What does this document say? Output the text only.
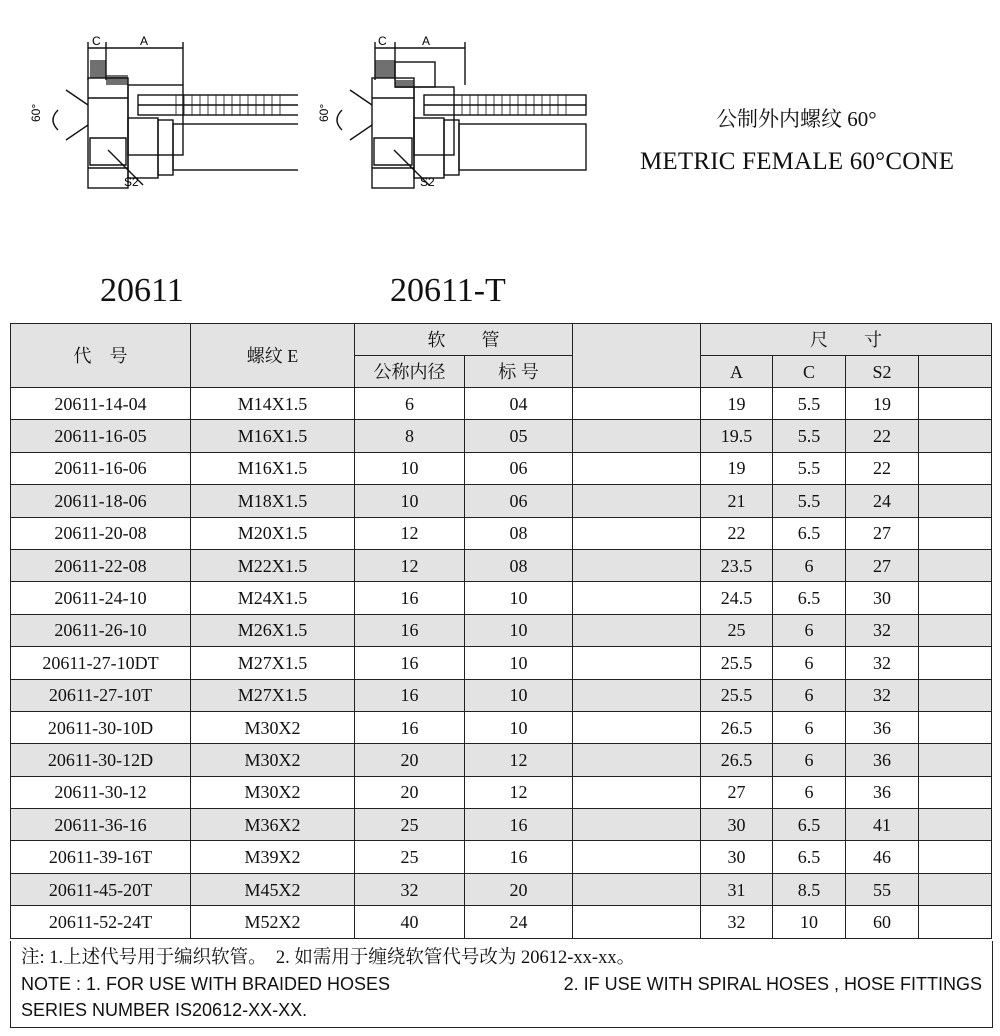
C	A
60°
S2
C	A
60°
S2
公制外内螺纹 60°
METRIC FEMALE 60°CONE
20611	20611-T
代　号	螺纹 E	软　　管			尺　　寸			
		公称内径	标 号		A	C	S2	
20611-14-04	M14X1.5	6	04		19	5.5	19	
20611-16-05	M16X1.5	8	05		19.5	5.5	22	
20611-16-06	M16X1.5	10	06		19	5.5	22	
20611-18-06	M18X1.5	10	06		21	5.5	24	
20611-20-08	M20X1.5	12	08		22	6.5	27	
20611-22-08	M22X1.5	12	08		23.5	6	27	
20611-24-10	M24X1.5	16	10		24.5	6.5	30	
20611-26-10	M26X1.5	16	10		25	6	32	
20611-27-10DT	M27X1.5	16	10		25.5	6	32	
20611-27-10T	M27X1.5	16	10		25.5	6	32	
20611-30-10D	M30X2	16	10		26.5	6	36	
20611-30-12D	M30X2	20	12		26.5	6	36	
20611-30-12	M30X2	20	12		27	6	36	
20611-36-16	M36X2	25	16		30	6.5	41	
20611-39-16T	M39X2	25	16		30	6.5	46	
20611-45-20T	M45X2	32	20		31	8.5	55	
20611-52-24T	M52X2	40	24		32	10	60	
注: 1.上述代号用于编织软管。　2. 如需用于缠绕软管代号改为 20612-xx-xx。
NOTE : 1. FOR USE WITH BRAIDED HOSES	2. IF USE WITH SPIRAL HOSES , HOSE FITTINGS
SERIES NUMBER IS20612-XX-XX.
